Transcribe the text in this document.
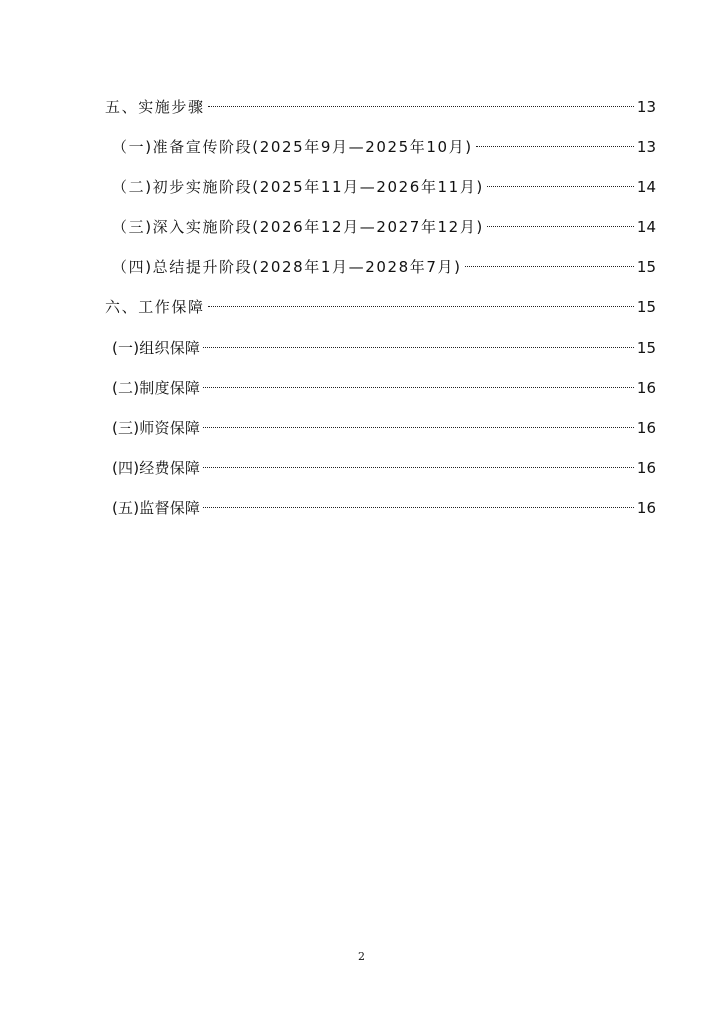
五、实施步骤	13
（一)准备宣传阶段(2025年9月—2025年10月)	13
（二)初步实施阶段(2025年11月—2026年11月)	14
（三)深入实施阶段(2026年12月—2027年12月)	14
（四)总结提升阶段(2028年1月—2028年7月)	15
六、工作保障	15
(一)组织保障	15
(二)制度保障	16
(三)师资保障	16
(四)经费保障	16
(五)监督保障	16
2
